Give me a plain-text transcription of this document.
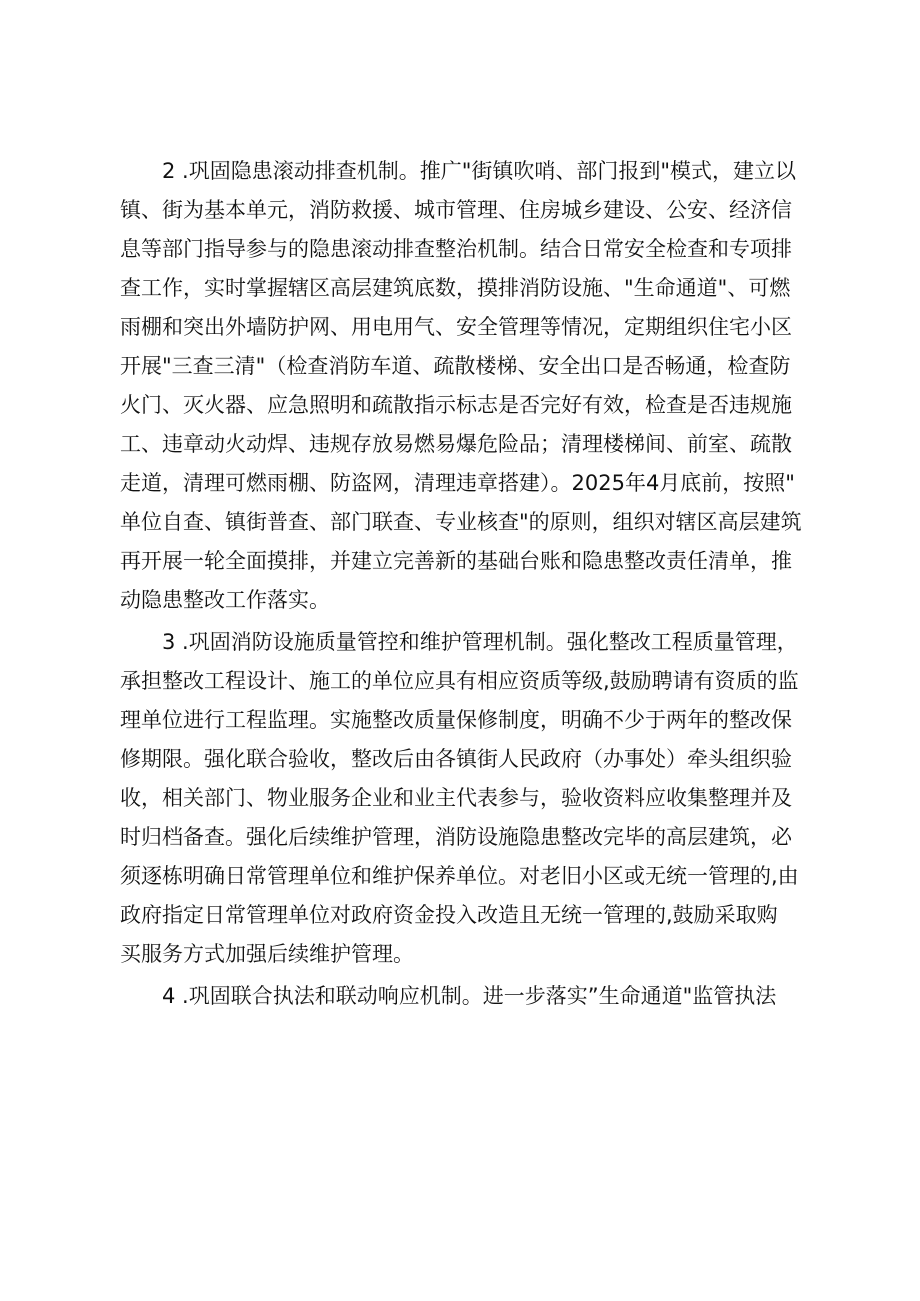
　　2 .巩固隐患滚动排查机制。推广"街镇吹哨、部门报到"模式，建立以
镇、街为基本单元，消防救援、城市管理、住房城乡建设、公安、经济信
息等部门指导参与的隐患滚动排查整治机制。结合日常安全检查和专项排
查工作，实时掌握辖区高层建筑底数，摸排消防设施、"生命通道"、可燃
雨棚和突出外墙防护网、用电用气、安全管理等情况，定期组织住宅小区
开展"三查三清"（检查消防车道、疏散楼梯、安全出口是否畅通，检查防
火门、灭火器、应急照明和疏散指示标志是否完好有效，检查是否违规施
工、违章动火动焊、违规存放易燃易爆危险品；清理楼梯间、前室、疏散
走道，清理可燃雨棚、防盗网，清理违章搭建）。2025年4月底前，按照"
单位自查、镇街普查、部门联查、专业核查"的原则，组织对辖区高层建筑
再开展一轮全面摸排，并建立完善新的基础台账和隐患整改责任清单，推
动隐患整改工作落实。
　　3 .巩固消防设施质量管控和维护管理机制。强化整改工程质量管理，
承担整改工程设计、施工的单位应具有相应资质等级,鼓励聘请有资质的监
理单位进行工程监理。实施整改质量保修制度，明确不少于两年的整改保
修期限。强化联合验收，整改后由各镇街人民政府（办事处）牵头组织验
收，相关部门、物业服务企业和业主代表参与，验收资料应收集整理并及
时归档备查。强化后续维护管理，消防设施隐患整改完毕的高层建筑，必
须逐栋明确日常管理单位和维护保养单位。对老旧小区或无统一管理的,由
政府指定日常管理单位对政府资金投入改造且无统一管理的,鼓励采取购
买服务方式加强后续维护管理。
　　4 .巩固联合执法和联动响应机制。进一步落实”生命通道"监管执法
